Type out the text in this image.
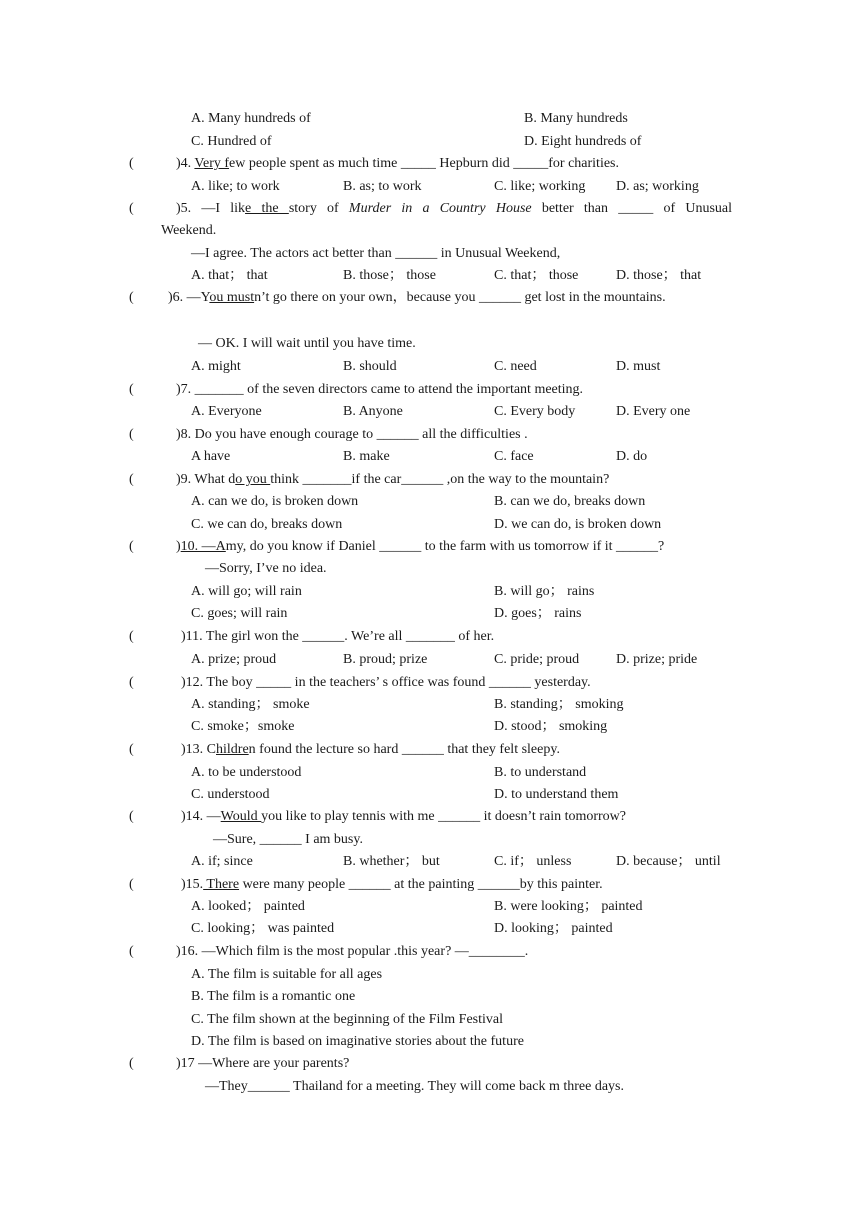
A. Many hundreds of	B. Many hundreds
C. Hundred of	D. Eight hundreds of
(	)4. Very few people spent as much time _____ Hepburn did _____for charities.
A. like; to work	B. as; to work	C. like; working D. as; working
(	)5. —I like the story of Murder in a Country House better than _____ of Unusual
Weekend.
—I agree. The actors act better than ______ in Unusual Weekend,
A. that； that	B. those； those	C. that； those	D. those； that
( )6. —You mustn’t go there on your own，because you ______ get lost in the mountains.
— OK. I will wait until you have time.
A. might	B. should	C. need	D. must
(	)7. _______ of the seven directors came to attend the important meeting.
A. Everyone	B. Anyone	C. Every body	D. Every one
(	)8. Do you have enough courage to ______ all the difficulties .
A have	B. make	C. face	D. do
(	)9. What do you think _______if the car______ ,on the way to the mountain?
A. can we do, is broken down	B. can we do, breaks down
C. we can do, breaks down	D. we can do, is broken down
(	)10. —Amy, do you know if Daniel ______ to the farm with us tomorrow if it ______?
—Sorry, I’ve no idea.
A. will go; will rain	B. will go； rains
C. goes; will rain	D. goes； rains
(	)11. The girl won the ______. We’re all _______ of her.
A. prize; proud	B. proud; prize	C. pride; proud	D. prize; pride
(	)12. The boy _____ in the teachers’ s office was found ______ yesterday.
A. standing； smoke	B. standing； smoking
C. smoke；smoke	D. stood； smoking
(	)13. Children found the lecture so hard ______ that they felt sleepy.
A. to be understood	B. to understand
C. understood	D. to understand them
(	)14. —Would you like to play tennis with me ______ it doesn’t rain tomorrow?
—Sure, ______ I am busy.
A. if; since	B. whether； but	C. if； unless	D. because； until
(	)15. There were many people ______ at the painting ______by this painter.
A. looked； painted	B. were looking； painted
C. looking； was painted	D. looking； painted
(	)16. —Which film is the most popular .this year? —________.
A. The film is suitable for all ages
B. The film is a romantic one
C. The film shown at the beginning of the Film Festival
D. The film is based on imaginative stories about the future
(	)17 —Where are your parents?
—They______ Thailand for a meeting. They will come back m three days.
